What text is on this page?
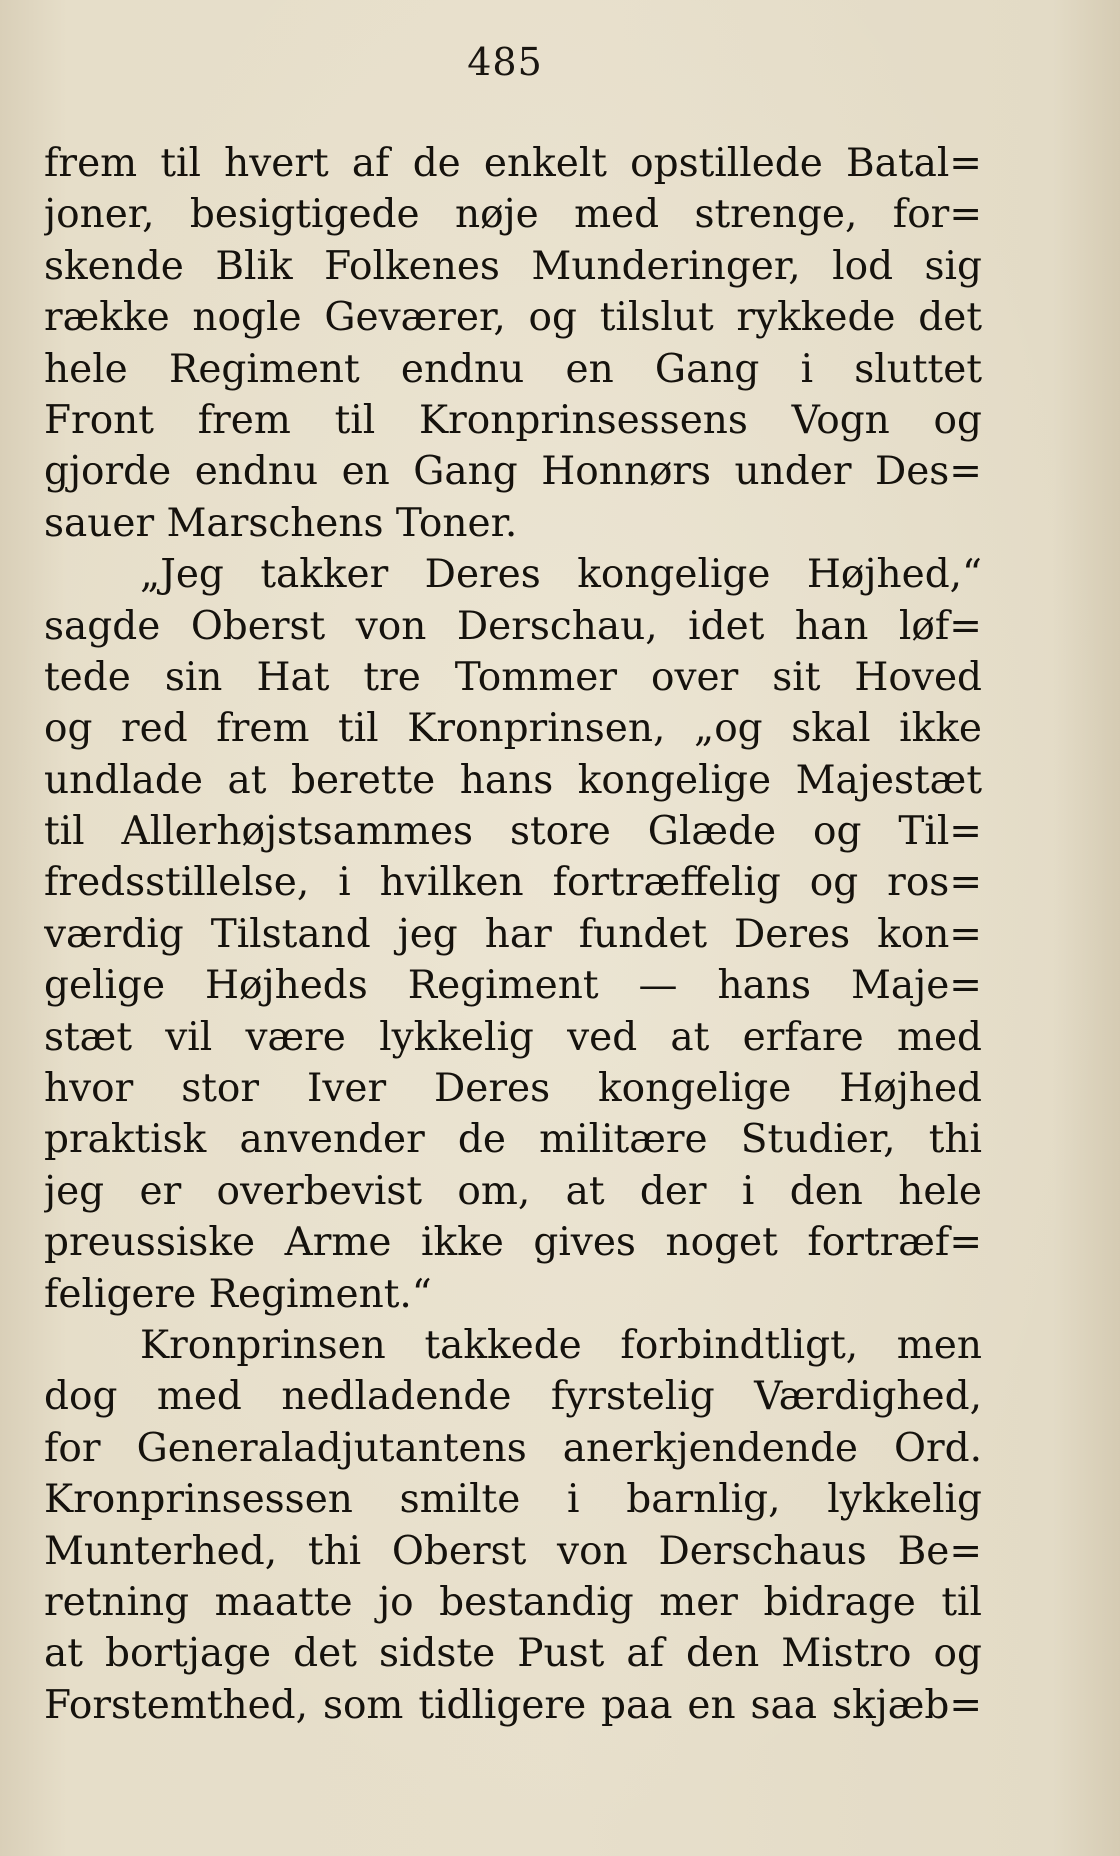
485
frem til hvert af de enkelt opstillede Batal=
joner, besigtigede nøje med strenge, for=
skende Blik Folkenes Munderinger, lod sig
række nogle Geværer, og tilslut rykkede det
hele Regiment endnu en Gang i sluttet
Front frem til Kronprinsessens Vogn og
gjorde endnu en Gang Honnørs under Des=
sauer Marschens Toner.
„Jeg takker Deres kongelige Højhed,“
sagde Oberst von Derschau, idet han løf=
tede sin Hat tre Tommer over sit Hoved
og red frem til Kronprinsen, „og skal ikke
undlade at berette hans kongelige Majestæt
til Allerhøjstsammes store Glæde og Til=
fredsstillelse, i hvilken fortræffelig og ros=
værdig Tilstand jeg har fundet Deres kon=
gelige Højheds Regiment — hans Maje=
stæt vil være lykkelig ved at erfare med
hvor stor Iver Deres kongelige Højhed
praktisk anvender de militære Studier, thi
jeg er overbevist om, at der i den hele
preussiske Arme ikke gives noget fortræf=
feligere Regiment.“
Kronprinsen takkede forbindtligt, men
dog med nedladende fyrstelig Værdighed,
for Generaladjutantens anerkjendende Ord.
Kronprinsessen smilte i barnlig, lykkelig
Munterhed, thi Oberst von Derschaus Be=
retning maatte jo bestandig mer bidrage til
at bortjage det sidste Pust af den Mistro og
Forstemthed, som tidligere paa en saa skjæb=
